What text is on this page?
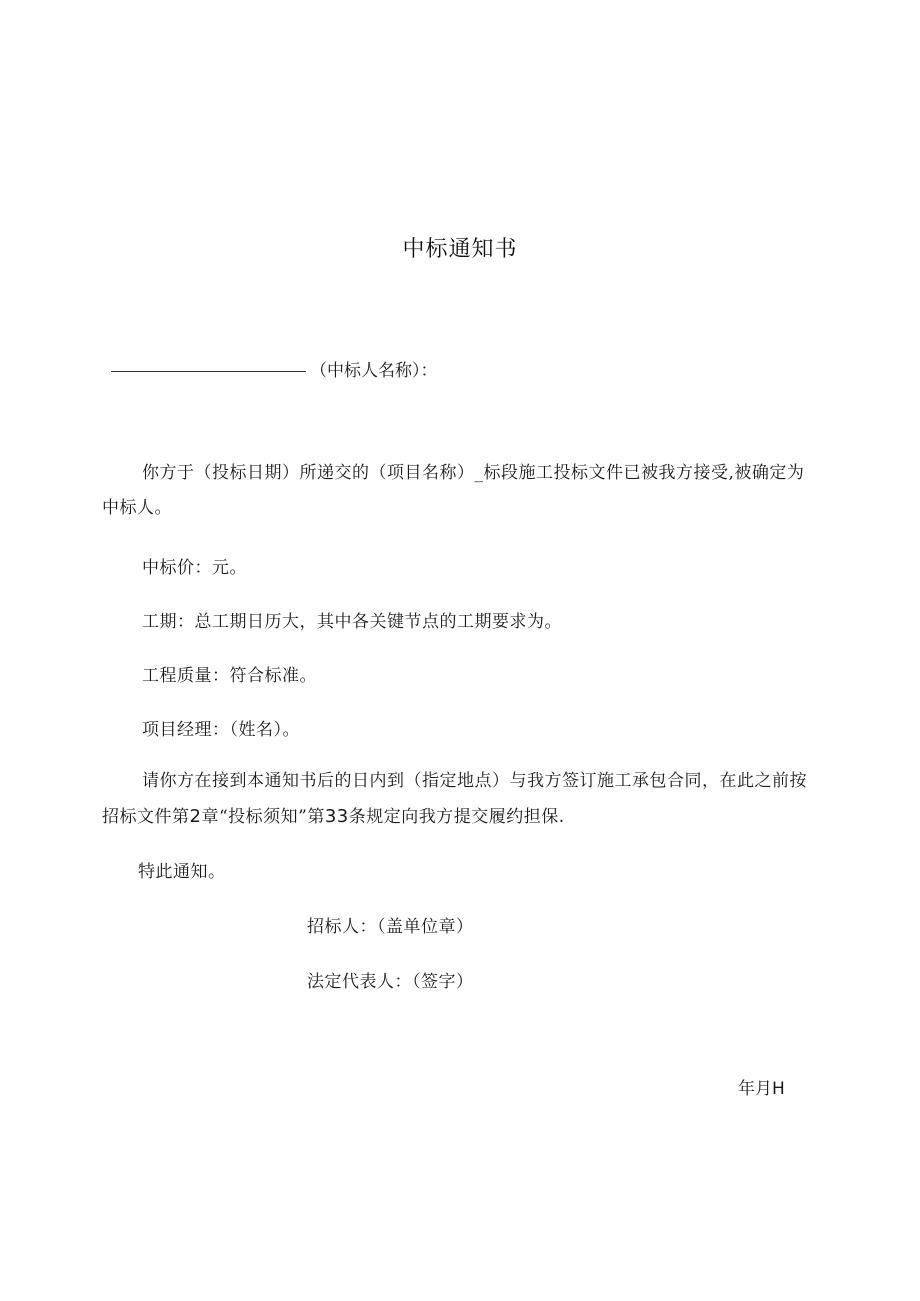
中标通知书
（中标人名称）：
你方于（投标日期）所递交的（项目名称）_标段施工投标文件已被我方接受,被确定为中标人。
中标价：元。
工期：总工期日历大，其中各关键节点的工期要求为。
工程质量：符合标准。
项目经理：（姓名）。
请你方在接到本通知书后的日内到（指定地点）与我方签订施工承包合同，在此之前按招标文件第2章“投标须知”第33条规定向我方提交履约担保.
特此通知。
招标人：（盖单位章）
法定代表人：（签字）
年月H
